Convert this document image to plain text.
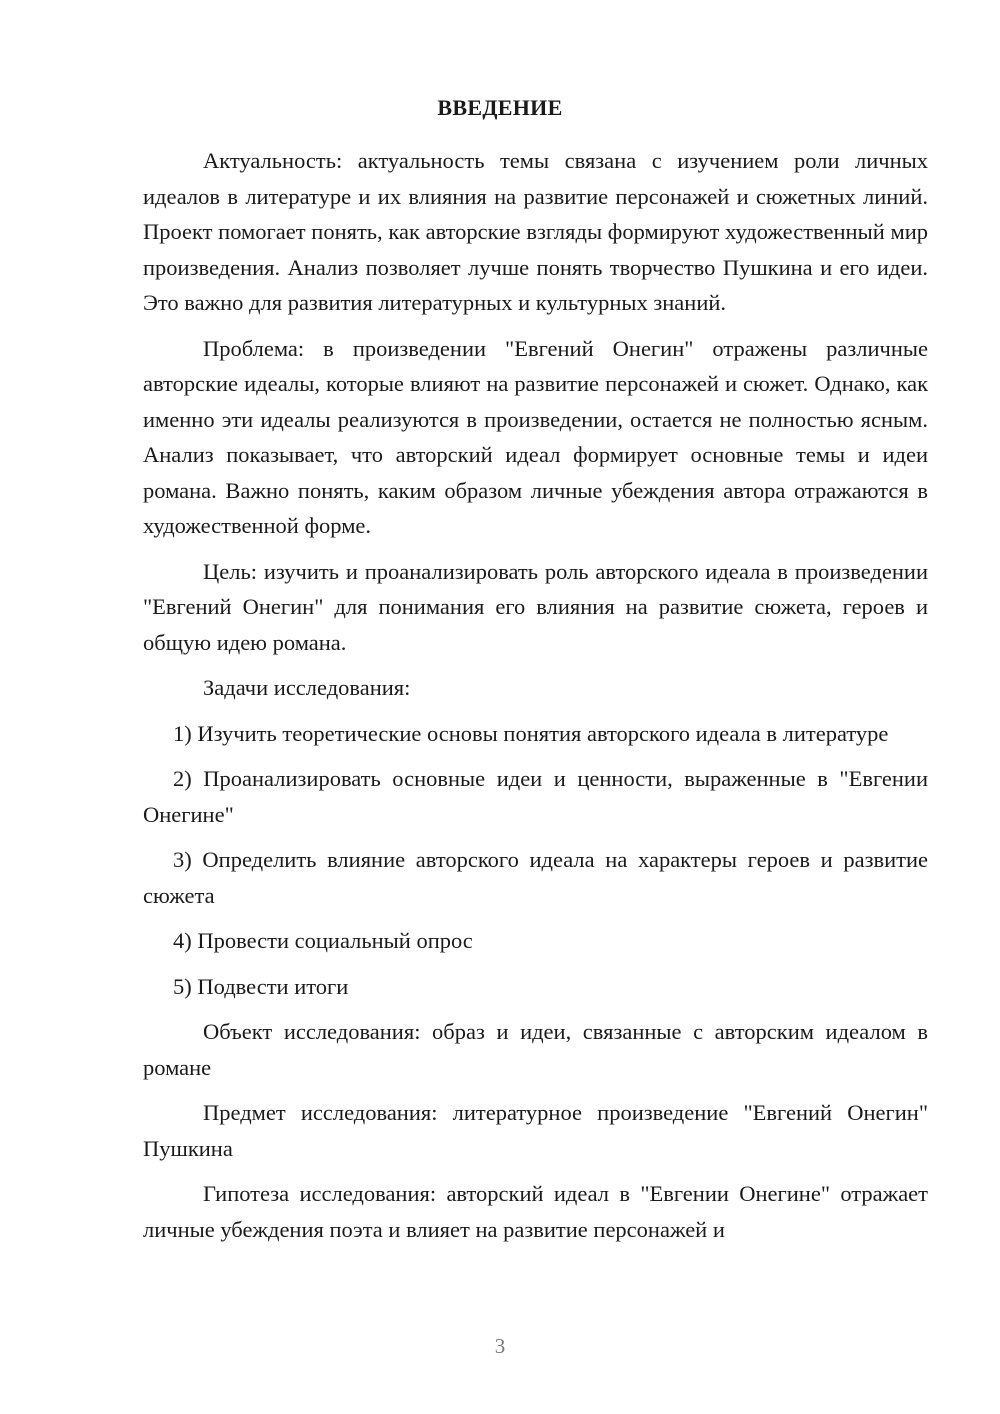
ВВЕДЕНИЕ

Актуальность: актуальность темы связана с изучением роли личных идеалов в литературе и их влияния на развитие персонажей и сюжетных линий. Проект помогает понять, как авторские взгляды формируют художественный мир произведения. Анализ позволяет лучше понять творчество Пушкина и его идеи. Это важно для развития литературных и культурных знаний.

Проблема: в произведении "Евгений Онегин" отражены различные авторские идеалы, которые влияют на развитие персонажей и сюжет. Однако, как именно эти идеалы реализуются в произведении, остается не полностью ясным. Анализ показывает, что авторский идеал формирует основные темы и идеи романа. Важно понять, каким образом личные убеждения автора отражаются в художественной форме.

Цель: изучить и проанализировать роль авторского идеала в произведении "Евгений Онегин" для понимания его влияния на развитие сюжета, героев и общую идею романа.

Задачи исследования:

1) Изучить теоретические основы понятия авторского идеала в литературе

2) Проанализировать основные идеи и ценности, выраженные в "Евгении Онегине"

3) Определить влияние авторского идеала на характеры героев и развитие сюжета

4) Провести социальный опрос

5) Подвести итоги

Объект исследования: образ и идеи, связанные с авторским идеалом в романе

Предмет исследования: литературное произведение "Евгений Онегин" Пушкина

Гипотеза исследования: авторский идеал в "Евгении Онегине" отражает личные убеждения поэта и влияет на развитие персонажей и

3
